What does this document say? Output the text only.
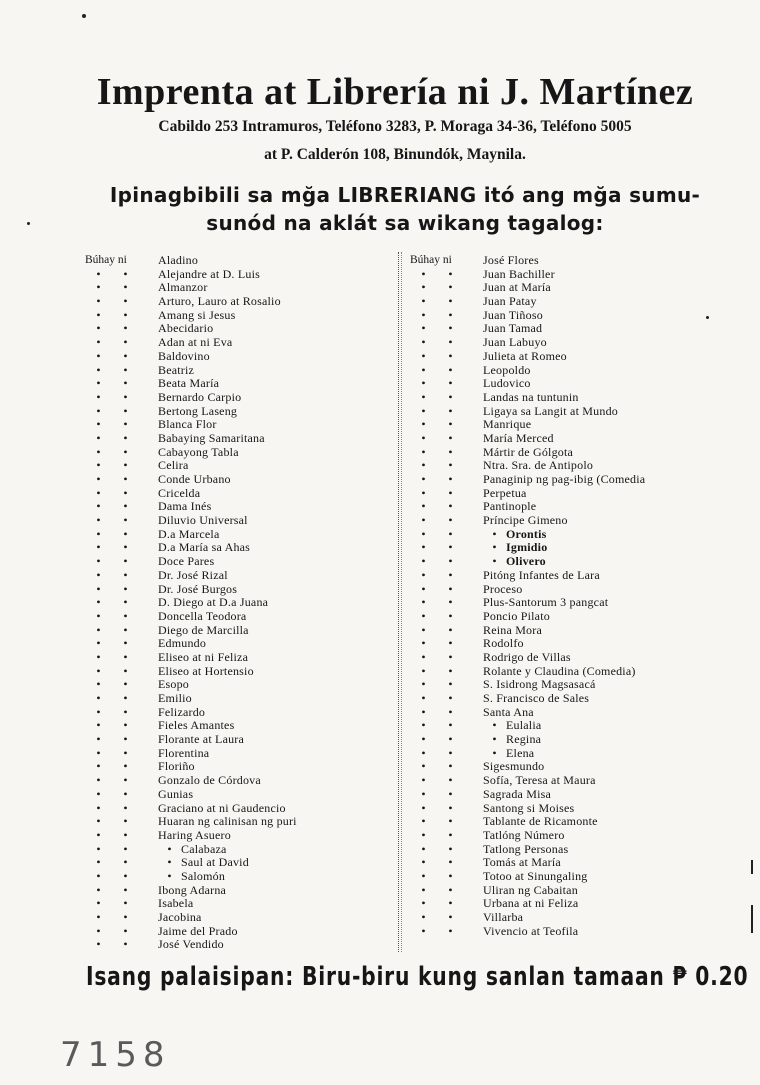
Imprenta at Librería ni J. Martínez

Cabildo 253 Intramuros, Teléfono 3283, P. Moraga 34-36, Teléfono 5005

at P. Calderón 108, Binundók, Maynila.

Ipinagbibili sa mğa LIBRERIANG itó ang mğa sumu-

sunód na aklát sa wikang tagalog:

Búhay ni	Aladino
•	•	Alejandre at D. Luis
•	•	Almanzor
•	•	Arturo, Lauro at Rosalio
•	•	Amang si Jesus
•	•	Abecidario
•	•	Adan at ni Eva
•	•	Baldovino
•	•	Beatriz
•	•	Beata María
•	•	Bernardo Carpio
•	•	Bertong Laseng
•	•	Blanca Flor
•	•	Babaying Samaritana
•	•	Cabayong Tabla
•	•	Celira
•	•	Conde Urbano
•	•	Cricelda
•	•	Dama Inés
•	•	Diluvio Universal
•	•	D.a Marcela
•	•	D.a María sa Ahas
•	•	Doce Pares
•	•	Dr. José Rizal
•	•	Dr. José Burgos
•	•	D. Diego at D.a Juana
•	•	Doncella Teodora
•	•	Diego de Marcilla
•	•	Edmundo
•	•	Eliseo at ni Feliza
•	•	Eliseo at Hortensio
•	•	Esopo
•	•	Emilio
•	•	Felizardo
•	•	Fieles Amantes
•	•	Florante at Laura
•	•	Florentina
•	•	Floriño
•	•	Gonzalo de Córdova
•	•	Gunias
•	•	Graciano at ni Gaudencio
•	•	Huaran ng calinisan ng puri
•	•	Haring Asuero
•	•	• Calabaza
•	•	• Saul at David
•	•	• Salomón
•	•	Ibong Adarna
•	•	Isabela
•	•	Jacobina
•	•	Jaime del Prado
•	•	José Vendido
Búhay ni	José Flores
•	•	Juan Bachiller
•	•	Juan at María
•	•	Juan Patay
•	•	Juan Tiñoso
•	•	Juan Tamad
•	•	Juan Labuyo
•	•	Julieta at Romeo
•	•	Leopoldo
•	•	Ludovico
•	•	Landas na tuntunin
•	•	Ligaya sa Langit at Mundo
•	•	Manrique
•	•	María Merced
•	•	Mártir de Gólgota
•	•	Ntra. Sra. de Antipolo
•	•	Panaginip ng pag-ibig (Comedia
•	•	Perpetua
•	•	Pantinople
•	•	Príncipe Gimeno
•	•	• Orontis
•	•	• Igmidio
•	•	• Olivero
•	•	Pitóng Infantes de Lara
•	•	Proceso
•	•	Plus-Santorum 3 pangcat
•	•	Poncio Pilato
•	•	Reina Mora
•	•	Rodolfo
•	•	Rodrigo de Villas
•	•	Rolante y Claudina (Comedia)
•	•	S. Isidrong Magsasacá
•	•	S. Francisco de Sales
•	•	Santa Ana
•	•	• Eulalia
•	•	• Regina
•	•	• Elena
•	•	Sigesmundo
•	•	Sofía, Teresa at Maura
•	•	Sagrada Misa
•	•	Santong si Moises
•	•	Tablante de Ricamonte
•	•	Tatlóng Número
•	•	Tatlong Personas
•	•	Tomás at María
•	•	Totoo at Sinungaling
•	•	Uliran ng Cabaitan
•	•	Urbana at ni Feliza
•	•	Villarba
•	•	Vivencio at Teofila

Isang palaisipan: Biru-biru kung sanlan tamaan ₱ 0.20

7158
